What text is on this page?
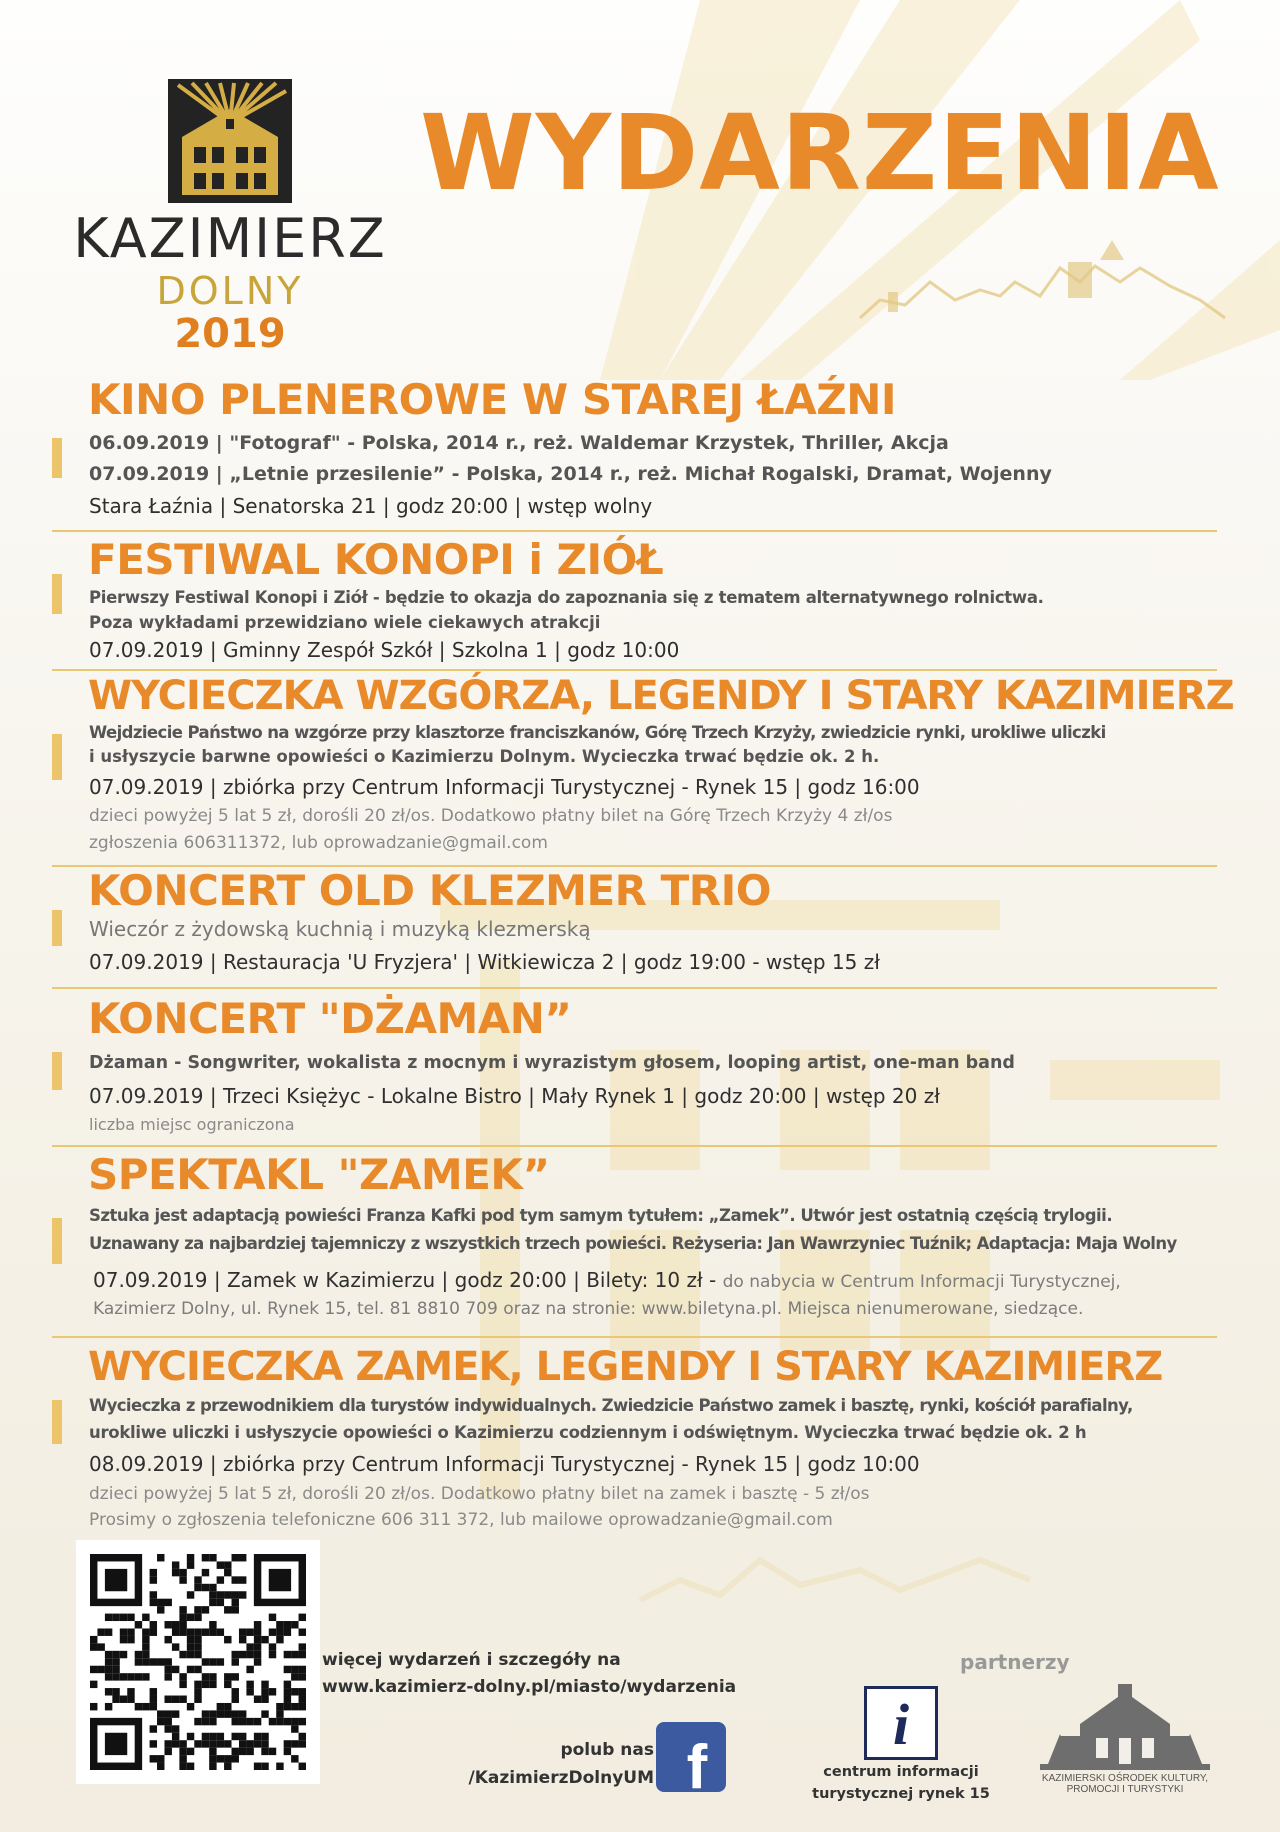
KAZIMIERZ
DOLNY
2019
WYDARZENIA
KINO PLENEROWE W STAREJ ŁAŹNI
06.09.2019 | "Fotograf" - Polska, 2014 r., reż. Waldemar Krzystek, Thriller, Akcja
07.09.2019 | „Letnie przesilenie” - Polska, 2014 r., reż. Michał Rogalski, Dramat, Wojenny
Stara Łaźnia | Senatorska 21 | godz 20:00 | wstęp wolny
FESTIWAL KONOPI i ZIÓŁ
Pierwszy Festiwal Konopi i Ziół - będzie to okazja do zapoznania się z tematem alternatywnego rolnictwa.
Poza wykładami przewidziano wiele ciekawych atrakcji
07.09.2019 | Gminny Zespół Szkół | Szkolna 1 | godz 10:00
WYCIECZKA WZGÓRZA, LEGENDY I STARY KAZIMIERZ
Wejdziecie Państwo na wzgórze przy klasztorze franciszkanów, Górę Trzech Krzyży, zwiedzicie rynki, urokliwe uliczki
i usłyszycie barwne opowieści o Kazimierzu Dolnym. Wycieczka trwać będzie ok. 2 h.
07.09.2019 | zbiórka przy Centrum Informacji Turystycznej - Rynek 15 | godz 16:00
dzieci powyżej 5 lat 5 zł, dorośli 20 zł/os. Dodatkowo płatny bilet na Górę Trzech Krzyży 4 zł/os
zgłoszenia 606311372, lub oprowadzanie@gmail.com
KONCERT OLD KLEZMER TRIO
Wieczór z żydowską kuchnią i muzyką klezmerską
07.09.2019 | Restauracja 'U Fryzjera' | Witkiewicza 2 | godz 19:00 - wstęp 15 zł
KONCERT "DŻAMAN”
Dżaman - Songwriter, wokalista z mocnym i wyrazistym głosem, looping artist, one-man band
07.09.2019 | Trzeci Księżyc - Lokalne Bistro | Mały Rynek 1 | godz 20:00 | wstęp 20 zł
liczba miejsc ograniczona
SPEKTAKL "ZAMEK”
Sztuka jest adaptacją powieści Franza Kafki pod tym samym tytułem: „Zamek”. Utwór jest ostatnią częścią trylogii.
Uznawany za najbardziej tajemniczy z wszystkich trzech powieści. Reżyseria: Jan Wawrzyniec Tuźnik; Adaptacja: Maja Wolny
07.09.2019 | Zamek w Kazimierzu | godz 20:00 | Bilety: 10 zł - do nabycia w Centrum Informacji Turystycznej,
Kazimierz Dolny, ul. Rynek 15, tel. 81 8810 709 oraz na stronie: www.biletyna.pl. Miejsca nienumerowane, siedzące.
WYCIECZKA ZAMEK, LEGENDY I STARY KAZIMIERZ
Wycieczka z przewodnikiem dla turystów indywidualnych. Zwiedzicie Państwo zamek i basztę, rynki, kościół parafialny,
urokliwe uliczki i usłyszycie opowieści o Kazimierzu codziennym i odświętnym. Wycieczka trwać będzie ok. 2 h
08.09.2019 | zbiórka przy Centrum Informacji Turystycznej - Rynek 15 | godz 10:00
dzieci powyżej 5 lat 5 zł, dorośli 20 zł/os. Dodatkowo płatny bilet na zamek i basztę - 5 zł/os
Prosimy o zgłoszenia telefoniczne 606 311 372, lub mailowe oprowadzanie@gmail.com
więcej wydarzeń i szczegóły na
www.kazimierz-dolny.pl/miasto/wydarzenia
polub nas
/KazimierzDolnyUM f
partnerzy
i
centrum informacji
turystycznej rynek 15
KAZIMIERSKI OŚRODEK KULTURY,
PROMOCJI I TURYSTYKI
